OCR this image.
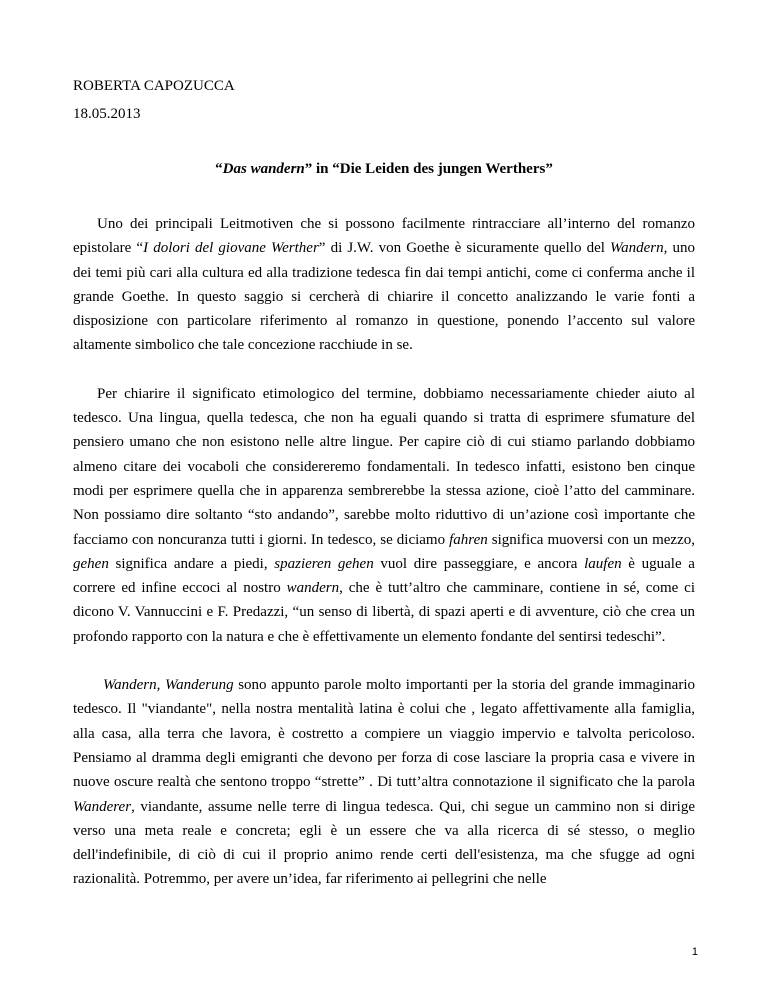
ROBERTA CAPOZUCCA
18.05.2013
“Das wandern” in “Die Leiden des jungen Werthers”

Uno dei principali Leitmotiven che si possono facilmente rintracciare all’interno del romanzo epistolare “I dolori del giovane Werther” di J.W. von Goethe è sicuramente quello del Wandern, uno dei temi più cari alla cultura ed alla tradizione tedesca fin dai tempi antichi, come ci conferma anche il grande Goethe. In questo saggio si cercherà di chiarire il concetto analizzando le varie fonti a disposizione con particolare riferimento al romanzo in questione, ponendo l’accento sul valore altamente simbolico che tale concezione racchiude in se.

Per chiarire il significato etimologico del termine, dobbiamo necessariamente chieder aiuto al tedesco. Una lingua, quella tedesca, che non ha eguali quando si tratta di esprimere sfumature del pensiero umano che non esistono nelle altre lingue. Per capire ciò di cui stiamo parlando dobbiamo almeno citare dei vocaboli che considereremo fondamentali. In tedesco infatti, esistono ben cinque modi per esprimere quella che in apparenza sembrerebbe la stessa azione, cioè l’atto del camminare. Non possiamo dire soltanto “sto andando”, sarebbe molto riduttivo di un’azione così importante che facciamo con noncuranza tutti i giorni. In tedesco, se diciamo fahren significa muoversi con un mezzo, gehen significa andare a piedi, spazieren gehen vuol dire passeggiare, e ancora laufen è uguale a correre ed infine eccoci al nostro wandern, che è tutt’altro che camminare, contiene in sé, come ci dicono V. Vannuccini e F. Predazzi, “un senso di libertà, di spazi aperti e di avventure, ciò che crea un profondo rapporto con la natura e che è effettivamente un elemento fondante del sentirsi tedeschi”.

Wandern, Wanderung sono appunto parole molto importanti per la storia del grande immaginario tedesco. Il "viandante", nella nostra mentalità latina è colui che , legato affettivamente alla famiglia, alla casa, alla terra che lavora, è costretto a compiere un viaggio impervio e talvolta pericoloso. Pensiamo al dramma degli emigranti che devono per forza di cose lasciare la propria casa e vivere in nuove oscure realtà che sentono troppo “strette” . Di tutt’altra connotazione il significato che la parola Wanderer, viandante, assume nelle terre di lingua tedesca. Qui, chi segue un cammino non si dirige verso una meta reale e concreta; egli è un essere che va alla ricerca di sé stesso, o meglio dell'indefinibile, di ciò di cui il proprio animo rende certi dell'esistenza, ma che sfugge ad ogni razionalità. Potremmo, per avere un’idea, far riferimento ai pellegrini che nelle

1
